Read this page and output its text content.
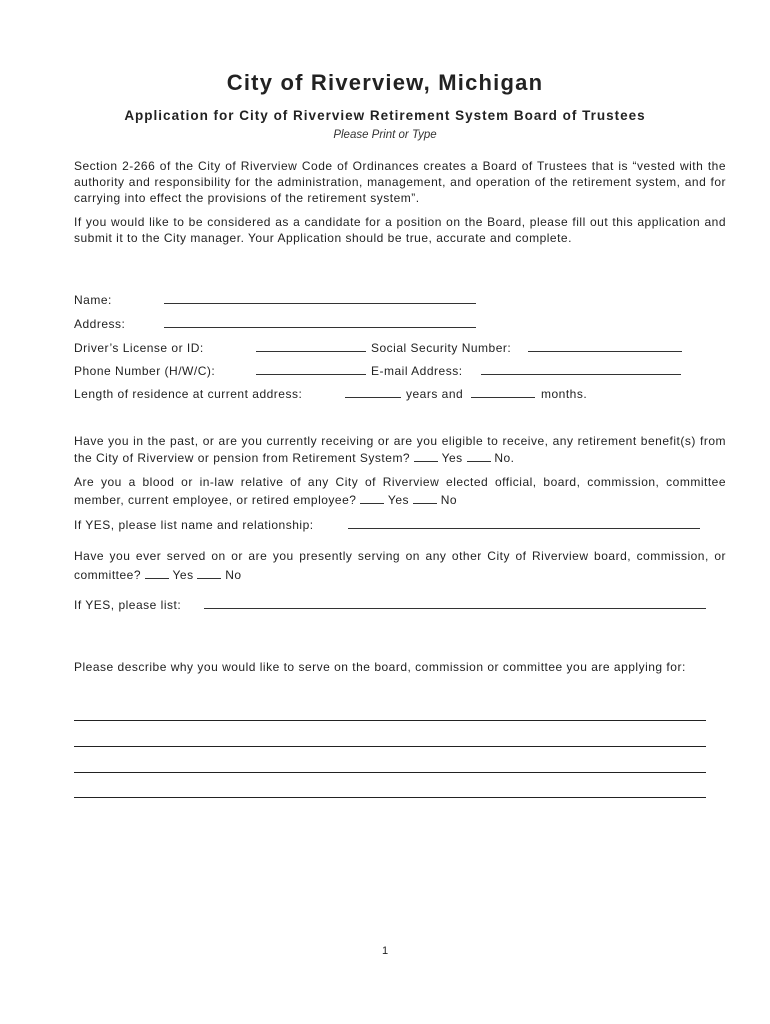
City of Riverview, Michigan
Application for City of Riverview Retirement System Board of Trustees
Please Print or Type
Section 2-266 of the City of Riverview Code of Ordinances creates a Board of Trustees that is “vested with the authority and responsibility for the administration, management, and operation of the retirement system, and for carrying into effect the provisions of the retirement system”.
If you would like to be considered as a candidate for a position on the Board, please fill out this application and submit it to the City manager. Your Application should be true, accurate and complete.
Name:
Address:
Driver’s License or ID:	Social Security Number:
Phone Number (H/W/C):	E-mail Address:
Length of residence at current address:	years and	months.
Have you in the past, or are you currently receiving or are you eligible to receive, any retirement benefit(s) from the City of Riverview or pension from Retirement System?	Yes	No.
Are you a blood or in-law relative of any City of Riverview elected official, board, commission, committee member, current employee, or retired employee?	Yes	No
If YES, please list name and relationship:
Have you ever served on or are you presently serving on any other City of Riverview board, commission, or committee?	Yes	No
If YES, please list:
Please describe why you would like to serve on the board, commission or committee you are applying for:
1
